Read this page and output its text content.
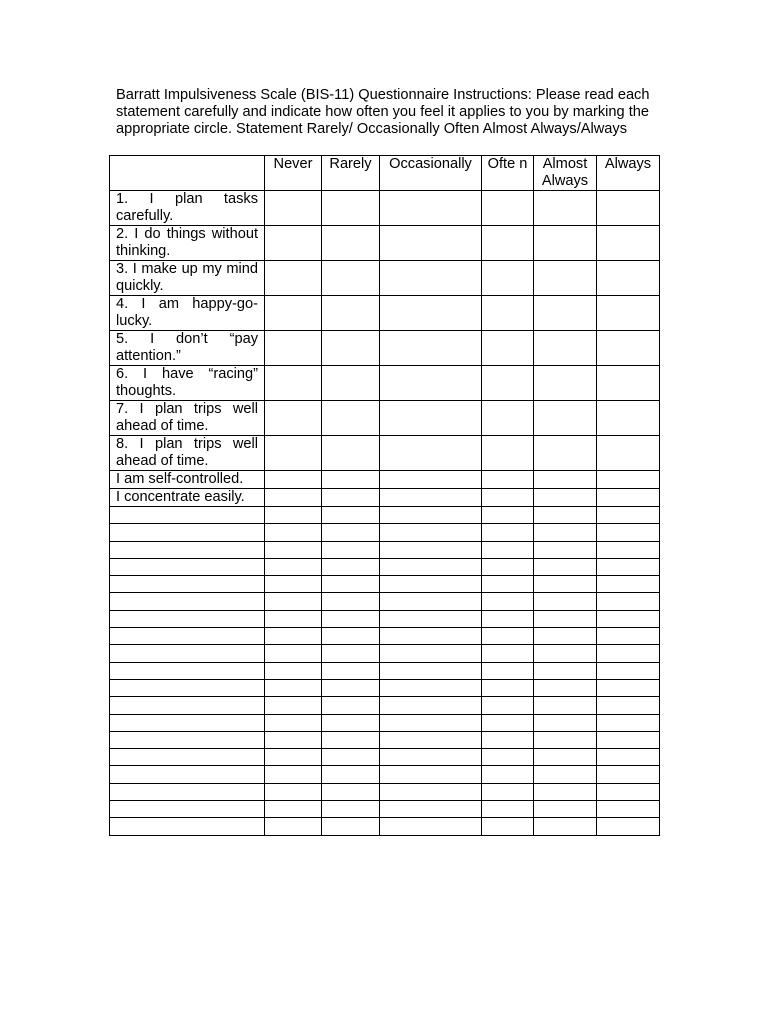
Barratt Impulsiveness Scale (BIS-11) Questionnaire Instructions: Please read each statement carefully and indicate how often you feel it applies to you by marking the appropriate circle. Statement Rarely/ Occasionally Often Almost Always/Always

	Never	Rarely	Occasionally	Ofte n	Almost Always	Always
1. I plan tasks carefully.						
2. I do things without thinking.						
3. I make up my mind quickly.						
4. I am happy-go-lucky.						
5. I don’t “pay attention.”						
6. I have “racing” thoughts.						
7. I plan trips well ahead of time.						
8. I plan trips well ahead of time.						
I am self-controlled.						
I concentrate easily.						
